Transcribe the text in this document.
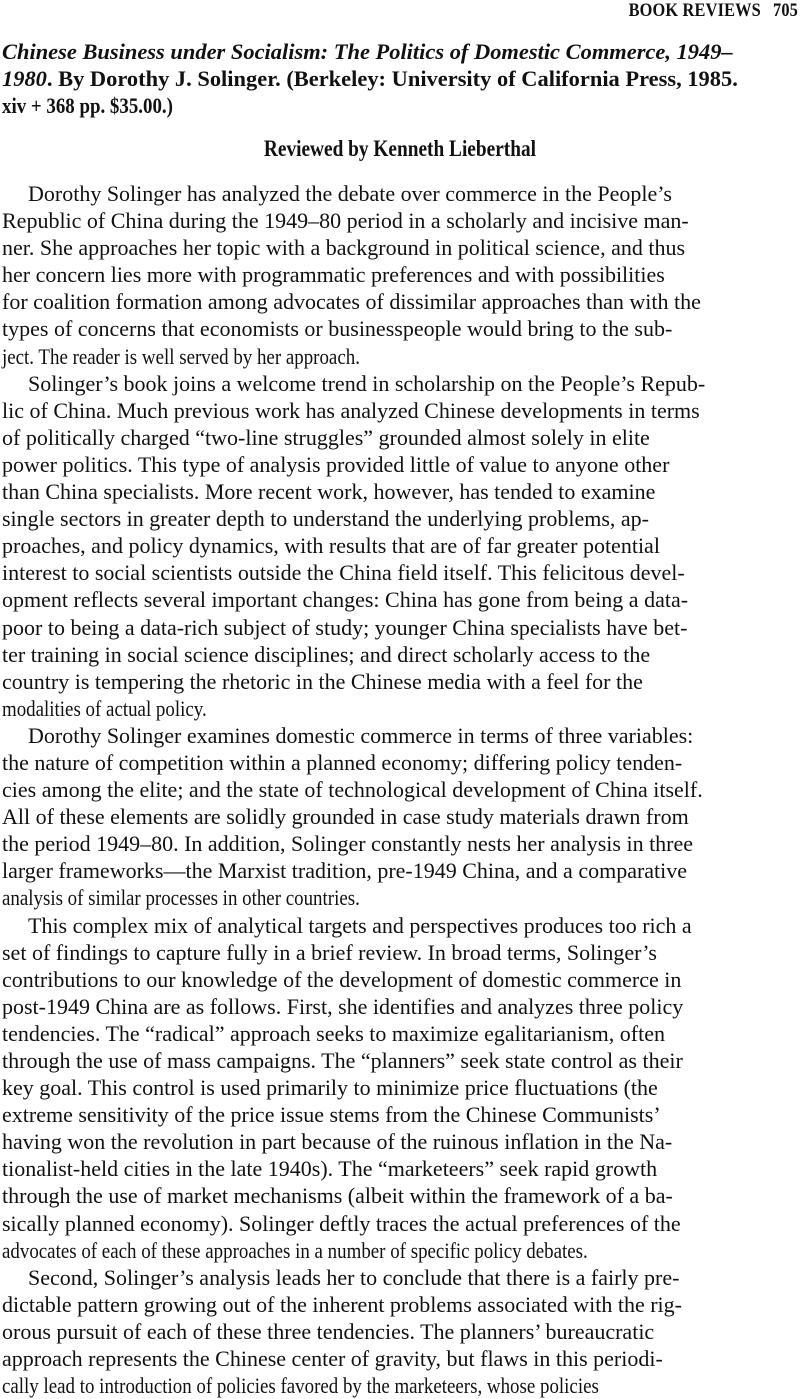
BOOK REVIEWS 705
Chinese Business under Socialism: The Politics of Domestic Commerce, 1949–
1980. By Dorothy J. Solinger. (Berkeley: University of California Press, 1985.
xiv + 368 pp. $35.00.)
Reviewed by Kenneth Lieberthal
Dorothy Solinger has analyzed the debate over commerce in the People’s
Republic of China during the 1949–80 period in a scholarly and incisive man-
ner. She approaches her topic with a background in political science, and thus
her concern lies more with programmatic preferences and with possibilities
for coalition formation among advocates of dissimilar approaches than with the
types of concerns that economists or businesspeople would bring to the sub-
ject. The reader is well served by her approach.
Solinger’s book joins a welcome trend in scholarship on the People’s Repub-
lic of China. Much previous work has analyzed Chinese developments in terms
of politically charged “two-line struggles” grounded almost solely in elite
power politics. This type of analysis provided little of value to anyone other
than China specialists. More recent work, however, has tended to examine
single sectors in greater depth to understand the underlying problems, ap-
proaches, and policy dynamics, with results that are of far greater potential
interest to social scientists outside the China field itself. This felicitous devel-
opment reflects several important changes: China has gone from being a data-
poor to being a data-rich subject of study; younger China specialists have bet-
ter training in social science disciplines; and direct scholarly access to the
country is tempering the rhetoric in the Chinese media with a feel for the
modalities of actual policy.
Dorothy Solinger examines domestic commerce in terms of three variables:
the nature of competition within a planned economy; differing policy tenden-
cies among the elite; and the state of technological development of China itself.
All of these elements are solidly grounded in case study materials drawn from
the period 1949–80. In addition, Solinger constantly nests her analysis in three
larger frameworks—the Marxist tradition, pre-1949 China, and a comparative
analysis of similar processes in other countries.
This complex mix of analytical targets and perspectives produces too rich a
set of findings to capture fully in a brief review. In broad terms, Solinger’s
contributions to our knowledge of the development of domestic commerce in
post-1949 China are as follows. First, she identifies and analyzes three policy
tendencies. The “radical” approach seeks to maximize egalitarianism, often
through the use of mass campaigns. The “planners” seek state control as their
key goal. This control is used primarily to minimize price fluctuations (the
extreme sensitivity of the price issue stems from the Chinese Communists’
having won the revolution in part because of the ruinous inflation in the Na-
tionalist-held cities in the late 1940s). The “marketeers” seek rapid growth
through the use of market mechanisms (albeit within the framework of a ba-
sically planned economy). Solinger deftly traces the actual preferences of the
advocates of each of these approaches in a number of specific policy debates.
Second, Solinger’s analysis leads her to conclude that there is a fairly pre-
dictable pattern growing out of the inherent problems associated with the rig-
orous pursuit of each of these three tendencies. The planners’ bureaucratic
approach represents the Chinese center of gravity, but flaws in this periodi-
cally lead to introduction of policies favored by the marketeers, whose policies
